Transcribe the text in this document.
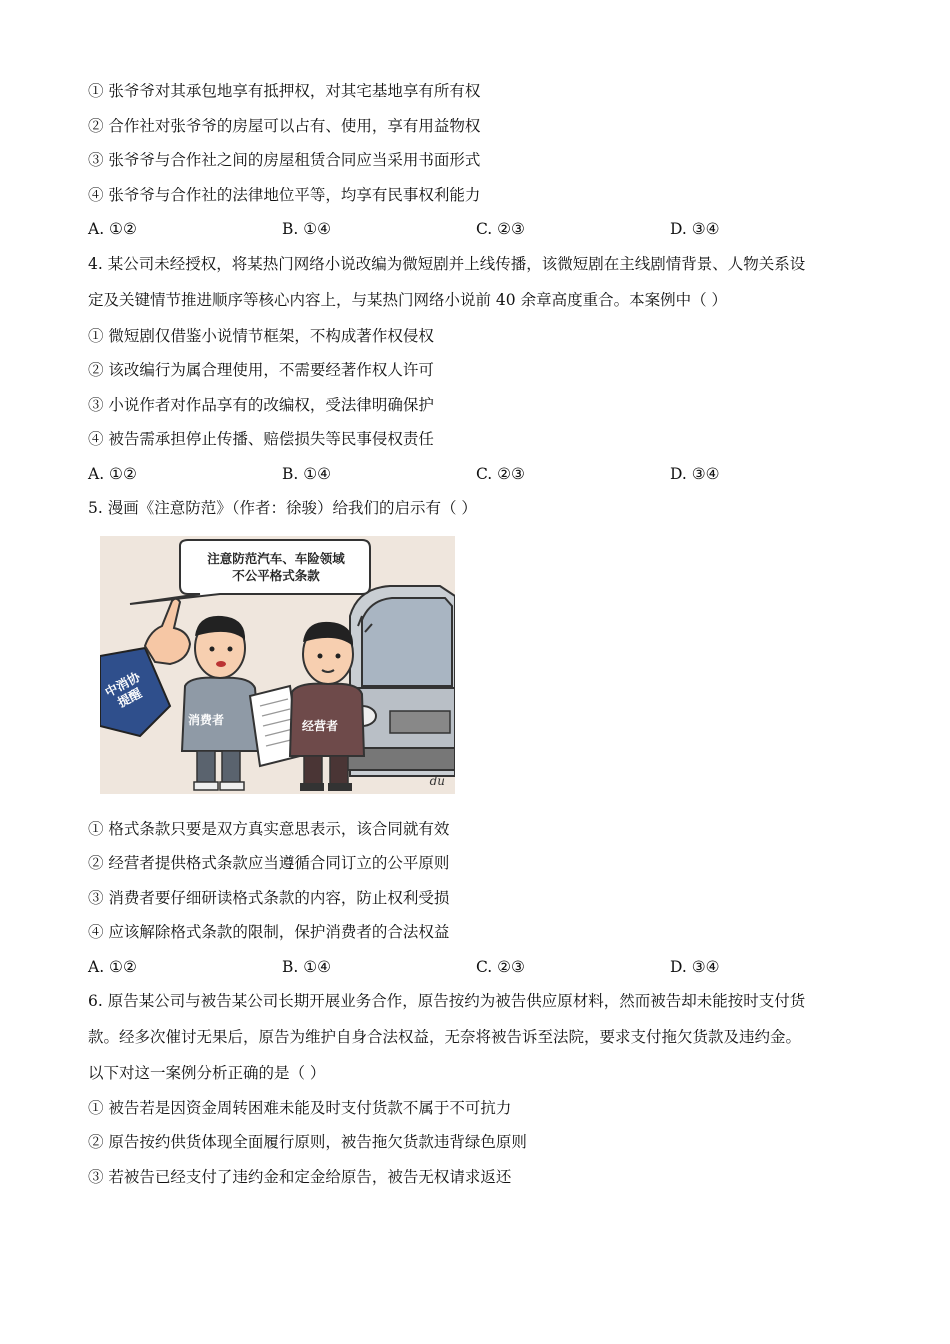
① 张爷爷对其承包地享有抵押权，对其宅基地享有所有权
② 合作社对张爷爷的房屋可以占有、使用，享有用益物权
③ 张爷爷与合作社之间的房屋租赁合同应当采用书面形式
④ 张爷爷与合作社的法律地位平等，均享有民事权利能力
A. ①②	B. ①④	C. ②③	D. ③④
4. 某公司未经授权，将某热门网络小说改编为微短剧并上线传播，该微短剧在主线剧情背景、人物关系设
定及关键情节推进顺序等核心内容上，与某热门网络小说前 40 余章高度重合。本案例中（ ）
① 微短剧仅借鉴小说情节框架，不构成著作权侵权
② 该改编行为属合理使用，不需要经著作权人许可
③ 小说作者对作品享有的改编权，受法律明确保护
④ 被告需承担停止传播、赔偿损失等民事侵权责任
A. ①②	B. ①④	C. ②③	D. ③④
5. 漫画《注意防范》（作者：徐骏）给我们的启示有（ ）
注意防范汽车、车险领域
不公平格式条款
中消协提醒
消费者	经营者
du
① 格式条款只要是双方真实意思表示，该合同就有效
② 经营者提供格式条款应当遵循合同订立的公平原则
③ 消费者要仔细研读格式条款的内容，防止权利受损
④ 应该解除格式条款的限制，保护消费者的合法权益
A. ①②	B. ①④	C. ②③	D. ③④
6. 原告某公司与被告某公司长期开展业务合作，原告按约为被告供应原材料，然而被告却未能按时支付货
款。经多次催讨无果后，原告为维护自身合法权益，无奈将被告诉至法院，要求支付拖欠货款及违约金。
以下对这一案例分析正确的是（ ）
① 被告若是因资金周转困难未能及时支付货款不属于不可抗力
② 原告按约供货体现全面履行原则，被告拖欠货款违背绿色原则
③ 若被告已经支付了违约金和定金给原告，被告无权请求返还
